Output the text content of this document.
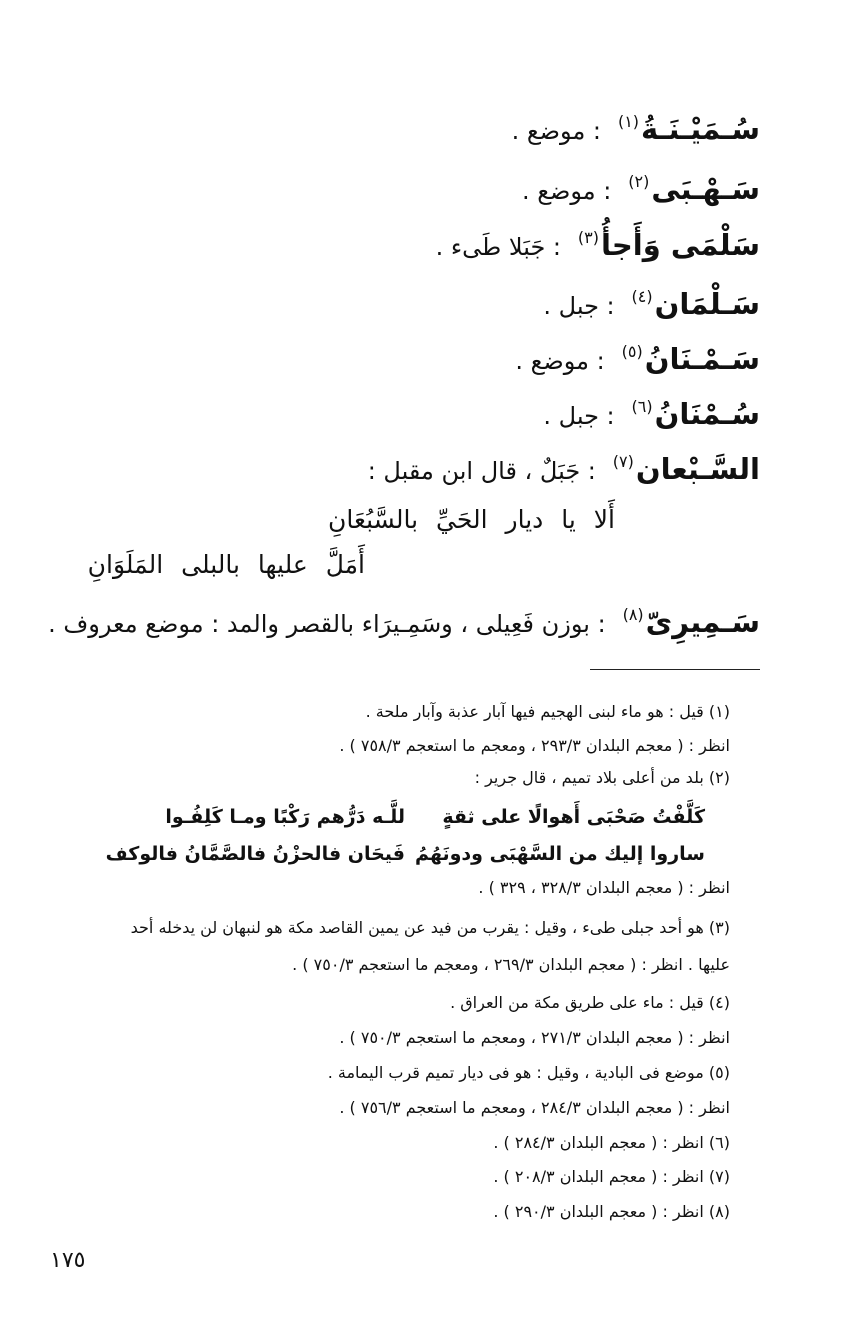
سُـمَيْـنَـةُ
(١)
: موضع .
سَـهْـبَى
(٢)
: موضع .
سَلْمَى وَأَجأُ
(٣)
: جَبَلا طَىء .
سَـلْمَان
(٤)
: جبل .
سَـمْـنَانُ
(٥)
: موضع .
سُـمْنَانُ
(٦)
: جبل .
السَّـبْعان
(٧)
: جَبَلٌ ، قال ابن مقبل :
أَلا يا ديار الحَيِّ بالسَّبُعَانِ
أَمَلَّ عليها بالبلى المَلَوَانِ
سَـمِيرِىّ
(٨)
: بوزن فَعِيلى ، وسَمِـيرَاء بالقصر والمد : موضع معروف .
(١) قيل : هو ماء لبنى الهجيم فيها آبار عذبة وآبار ملحة .
انظر : ( معجم البلدان ٢٩٣/٣ ، ومعجم ما استعجم ٧٥٨/٣ ) .
(٢) بلد من أعلى بلاد تميم ، قال جرير :
كَلَّفْتُ صَحْبَى أَهوالًا على ثقةٍ
للَّـه دَرُّهم رَكْبًا ومـا كَلِفُـوا
ساروا إليك من السَّهْبَى ودونَهُمُ
فَيحَان فالحزْنُ فالصَّمَّانُ فالوكف
انظر : ( معجم البلدان ٣٢٨/٣ ، ٣٢٩ ) .
(٣) هو أحد جبلى طىء ، وقيل : يقرب من فيد عن يمين القاصد مكة هو لنبهان لن يدخله أحد
عليها . انظر : ( معجم البلدان ٢٦٩/٣ ، ومعجم ما استعجم ٧٥٠/٣ ) .
(٤) قيل : ماء على طريق مكة من العراق .
انظر : ( معجم البلدان ٢٧١/٣ ، ومعجم ما استعجم ٧٥٠/٣ ) .
(٥) موضع فى البادية ، وقيل : هو فى ديار تميم قرب اليمامة .
انظر : ( معجم البلدان ٢٨٤/٣ ، ومعجم ما استعجم ٧٥٦/٣ ) .
(٦) انظر : ( معجم البلدان ٢٨٤/٣ ) .
(٧) انظر : ( معجم البلدان ٢٠٨/٣ ) .
(٨) انظر : ( معجم البلدان ٢٩٠/٣ ) .
١٧٥
